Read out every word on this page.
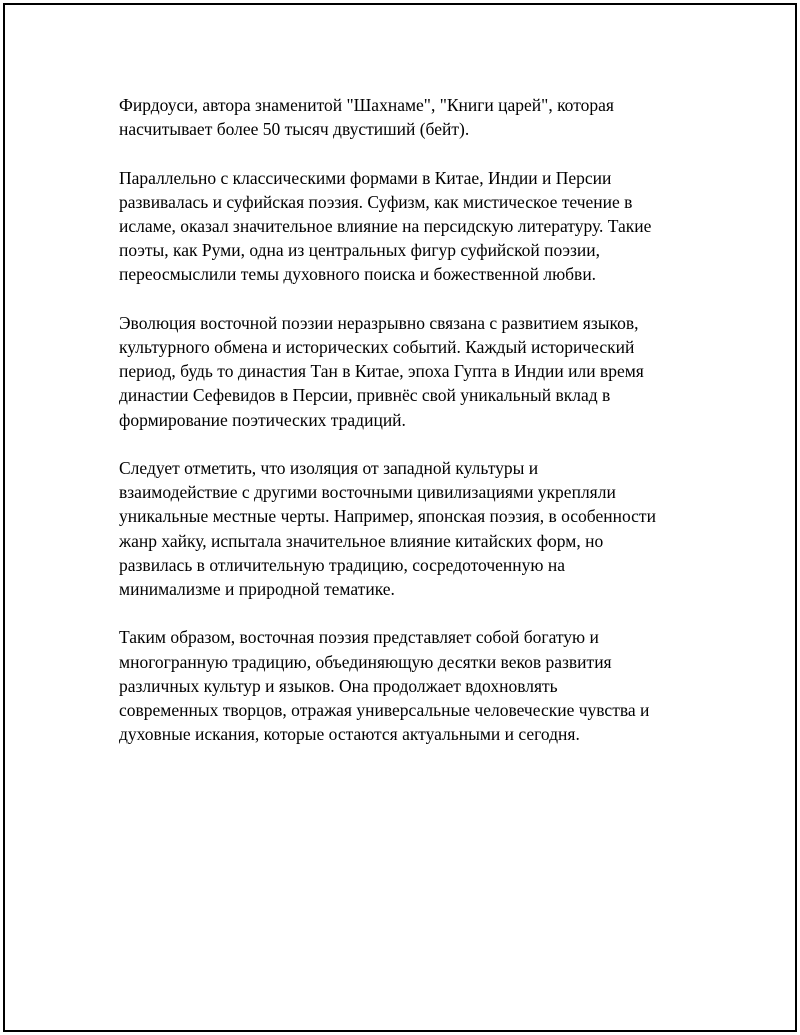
Фирдоуси, автора знаменитой "Шахнаме", "Книги царей", которая
насчитывает более 50 тысяч двустиший (бейт).

Параллельно с классическими формами в Китае, Индии и Персии
развивалась и суфийская поэзия. Суфизм, как мистическое течение в
исламе, оказал значительное влияние на персидскую литературу. Такие
поэты, как Руми, одна из центральных фигур суфийской поэзии,
переосмыслили темы духовного поиска и божественной любви.

Эволюция восточной поэзии неразрывно связана с развитием языков,
культурного обмена и исторических событий. Каждый исторический
период, будь то династия Тан в Китае, эпоха Гупта в Индии или время
династии Сефевидов в Персии, привнёс свой уникальный вклад в
формирование поэтических традиций.

Следует отметить, что изоляция от западной культуры и
взаимодействие с другими восточными цивилизациями укрепляли
уникальные местные черты. Например, японская поэзия, в особенности
жанр хайку, испытала значительное влияние китайских форм, но
развилась в отличительную традицию, сосредоточенную на
минимализме и природной тематике.

Таким образом, восточная поэзия представляет собой богатую и
многогранную традицию, объединяющую десятки веков развития
различных культур и языков. Она продолжает вдохновлять
современных творцов, отражая универсальные человеческие чувства и
духовные искания, которые остаются актуальными и сегодня.
